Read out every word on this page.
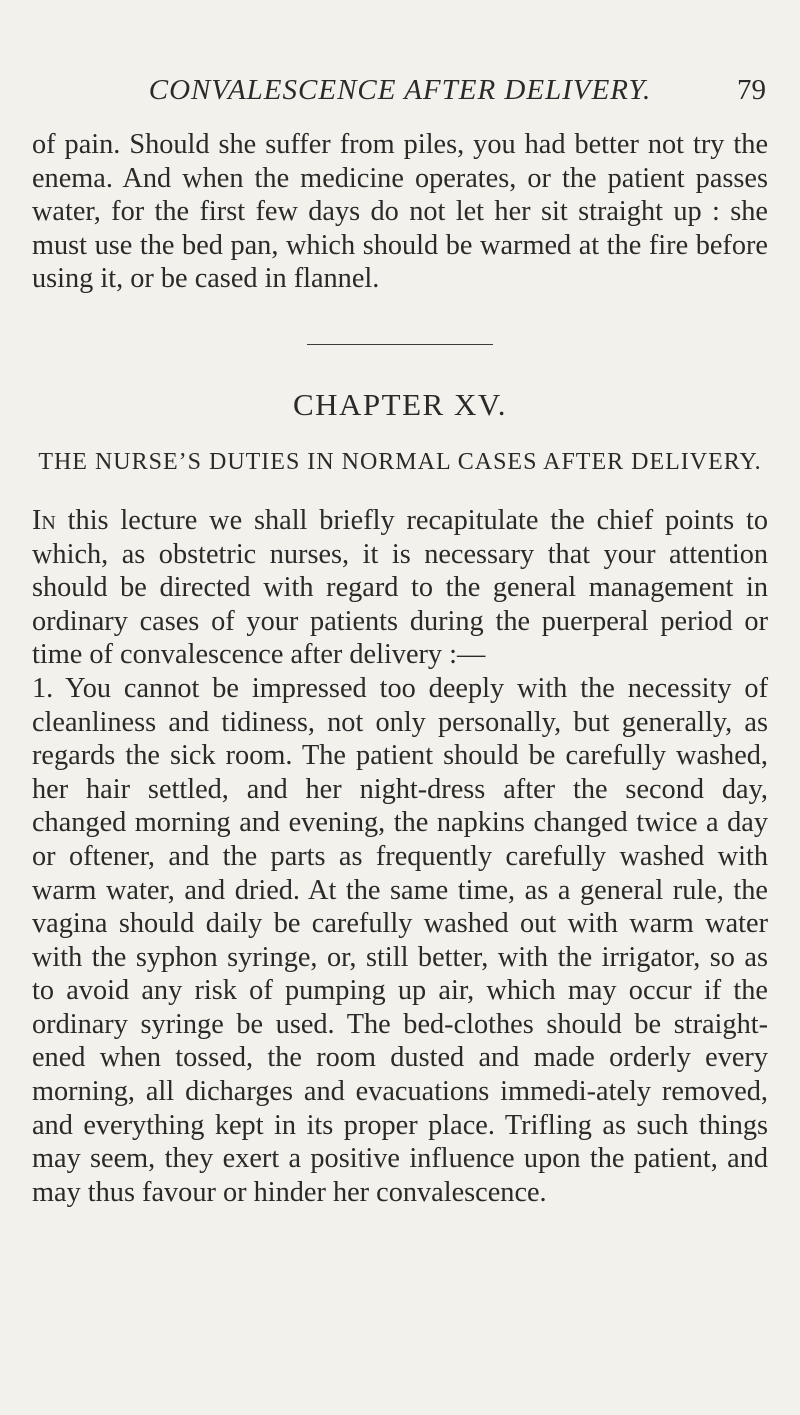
CONVALESCENCE AFTER DELIVERY.	79

of pain. Should she suffer from piles, you had better not try the enema. And when the medicine operates, or the patient passes water, for the first few days do not let her sit straight up : she must use the bed pan, which should be warmed at the fire before using it, or be cased in flannel.

CHAPTER XV.
THE NURSE’S DUTIES IN NORMAL CASES AFTER DELIVERY.

In this lecture we shall briefly recapitulate the chief points to which, as obstetric nurses, it is necessary that your attention should be directed with regard to the general management in ordinary cases of your patients during the puerperal period or time of convalescence after delivery :—

1. You cannot be impressed too deeply with the necessity of cleanliness and tidiness, not only personally, but generally, as regards the sick room. The patient should be carefully washed, her hair settled, and her night-dress after the second day, changed morning and evening, the napkins changed twice a day or oftener, and the parts as frequently carefully washed with warm water, and dried. At the same time, as a general rule, the vagina should daily be carefully washed out with warm water with the syphon syringe, or, still better, with the irrigator, so as to avoid any risk of pumping up air, which may occur if the ordinary syringe be used. The bed-clothes should be straight-ened when tossed, the room dusted and made orderly every morning, all dicharges and evacuations immedi-ately removed, and everything kept in its proper place. Trifling as such things may seem, they exert a positive influence upon the patient, and may thus favour or hinder her convalescence.
